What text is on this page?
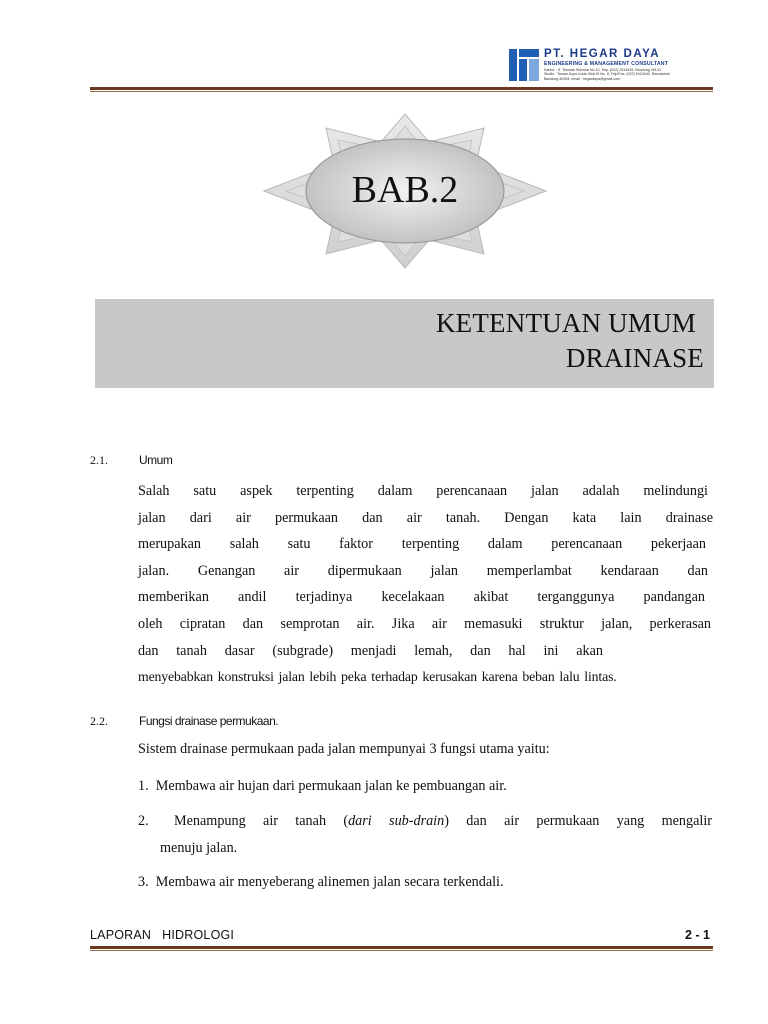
PT. HEGAR DAYA
ENGINEERING & MANAGEMENT CONSULTANT
Kantor : Jl. Terusan Sekeloa No.10, Telp. (022) 2514445, Bandung 40134
Studio : Taman Kopo Indah Blok III No. 8, Telp/Fax. (022) 5424940, Rancaekek
Bandung 40394, email : hegardaya@gmail.com
BAB.2
KETENTUAN UMUM
DRAINASE
2.1.	Umum
Salah satu aspek terpenting dalam perencanaan jalan adalah melindungi
jalan dari air permukaan dan air tanah. Dengan kata lain drainase
merupakan salah satu faktor terpenting dalam perencanaan pekerjaan
jalan. Genangan air dipermukaan jalan memperlambat kendaraan dan
memberikan andil terjadinya kecelakaan akibat terganggunya pandangan
oleh cipratan dan semprotan air. Jika air memasuki struktur jalan, perkerasan
dan tanah dasar (subgrade) menjadi lemah, dan hal ini akan
menyebabkan konstruksi jalan lebih peka terhadap kerusakan karena beban lalu lintas.
2.2.	Fungsi drainase permukaan.
Sistem drainase permukaan pada jalan mempunyai 3 fungsi utama yaitu:
1. Membawa air hujan dari permukaan jalan ke pembuangan air.
2. Menampung air tanah (dari sub-drain) dan air permukaan yang mengalir
menuju jalan.
3. Membawa air menyeberang alinemen jalan secara terkendali.
LAPORAN   HIDROLOGI	2 - 1
